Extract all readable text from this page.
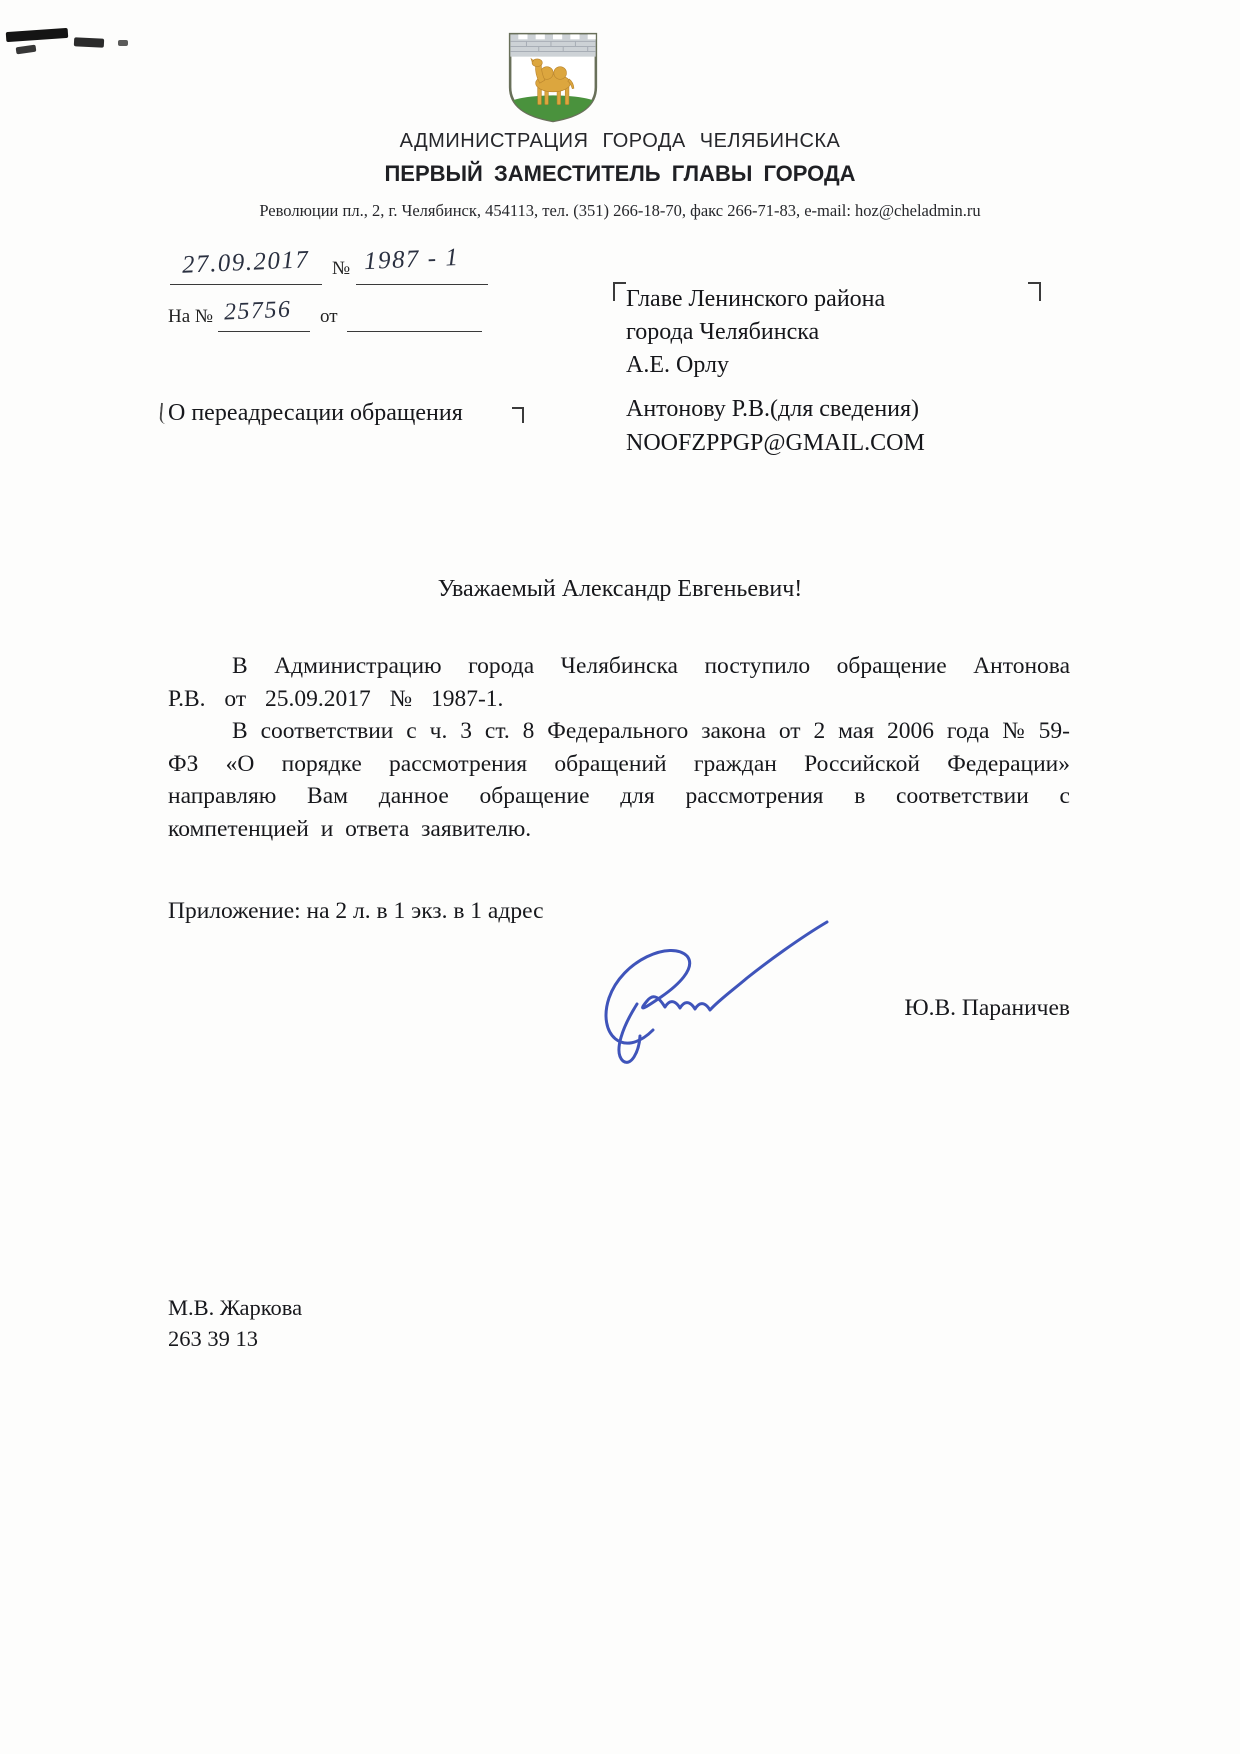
АДМИНИСТРАЦИЯ ГОРОДА ЧЕЛЯБИНСКА
ПЕРВЫЙ ЗАМЕСТИТЕЛЬ ГЛАВЫ ГОРОДА
Революции пл., 2, г. Челябинск, 454113, тел. (351) 266-18-70, факс 266-71-83, e-mail: hoz@cheladmin.ru
27.09.2017 № 1987 - 1
На № 25756 от
Главе Ленинского района
города Челябинска
А.Е. Орлу
Антонову Р.В.(для сведения)
NOOFZPPGP@GMAIL.COM
О переадресации обращения
Уважаемый Александр Евгеньевич!

В Администрацию города Челябинска поступило обращение Антонова Р.В. от 25.09.2017 № 1987-1.

В соответствии с ч. 3 ст. 8 Федерального закона от 2 мая 2006 года № 59-ФЗ «О порядке рассмотрения обращений граждан Российской Федерации» направляю Вам данное обращение для рассмотрения в соответствии с компетенцией и ответа заявителю.

Приложение: на 2 л. в 1 экз. в 1 адрес
Ю.В. Параничев
М.В. Жаркова
263 39 13
